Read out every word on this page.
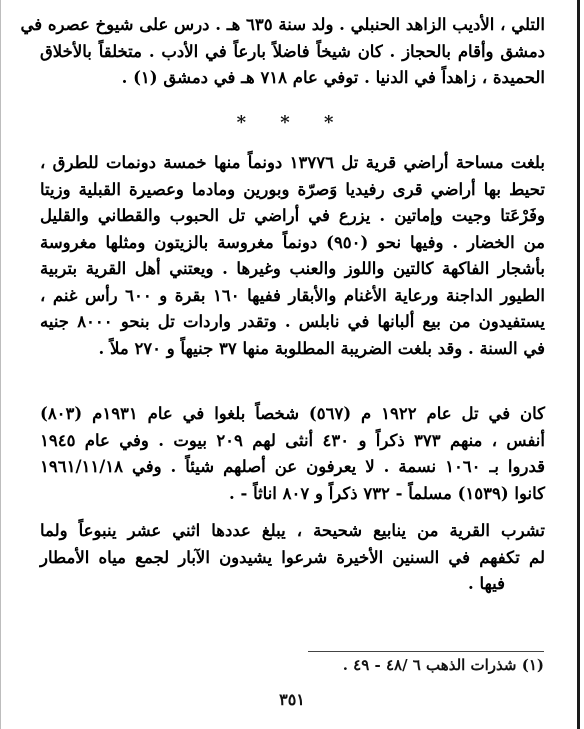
التلي ، الأديب الزاهد الحنبلي . ولد سنة ٦٣٥ هـ . درس على شيوخ عصره في
دمشق وأقام بالحجاز . كان شيخاً فاضلاً بارعاً في الأدب . متخلقاً بالأخلاق
الحميدة ، زاهداً في الدنيا . توفي عام ٧١٨ هـ في دمشق (١) .
* * *
بلغت مساحة أراضي قرية تل ١٣٧٧٦ دونماً منها خمسة دونمات للطرق ،
تحيط بها أراضي قرى رفيديا وَصرّة وبورين ومادما وعصيرة القبلية وزيتا
وفَرْعَتا وجيت وإماتين . يزرع في أراضي تل الحبوب والقطاني والقليل
من الخضار . وفيها نحو (٩٥٠) دونماً مغروسة بالزيتون ومثلها مغروسة
بأشجار الفاكهة كالتين واللوز والعنب وغيرها . ويعتني أهل القرية بتربية
الطيور الداجنة ورعاية الأغنام والأبقار ففيها ١٦٠ بقرة و ٦٠٠ رأس غنم ،
يستفيدون من بيع ألبانها في نابلس . وتقدر واردات تل بنحو ٨٠٠٠ جنيه
في السنة . وقد بلغت الضريبة المطلوبة منها ٣٧ جنيهاً و ٢٧٠ ملاً .
كان في تل عام ١٩٢٢ م (٥٦٧) شخصاً بلغوا في عام ١٩٣١م (٨٠٣)
أنفس ، منهم ٣٧٣ ذكراً و ٤٣٠ أنثى لهم ٢٠٩ بيوت . وفي عام ١٩٤٥
قدروا بـ ١٠٦٠ نسمة . لا يعرفون عن أصلهم شيئاً . وفي ١٩٦١/١١/١٨
كانوا (١٥٣٩) مسلماً - ٧٣٢ ذكراً و ٨٠٧ اناثاً - .
تشرب القرية من ينابيع شحيحة ، يبلغ عددها اثني عشر ينبوعاً ولما
لم تكفهم في السنين الأخيرة شرعوا يشيدون الآبار لجمع مياه الأمطار
فيها .
(١) شذرات الذهب ٦ /٤٨ - ٤٩ .
٣٥١
